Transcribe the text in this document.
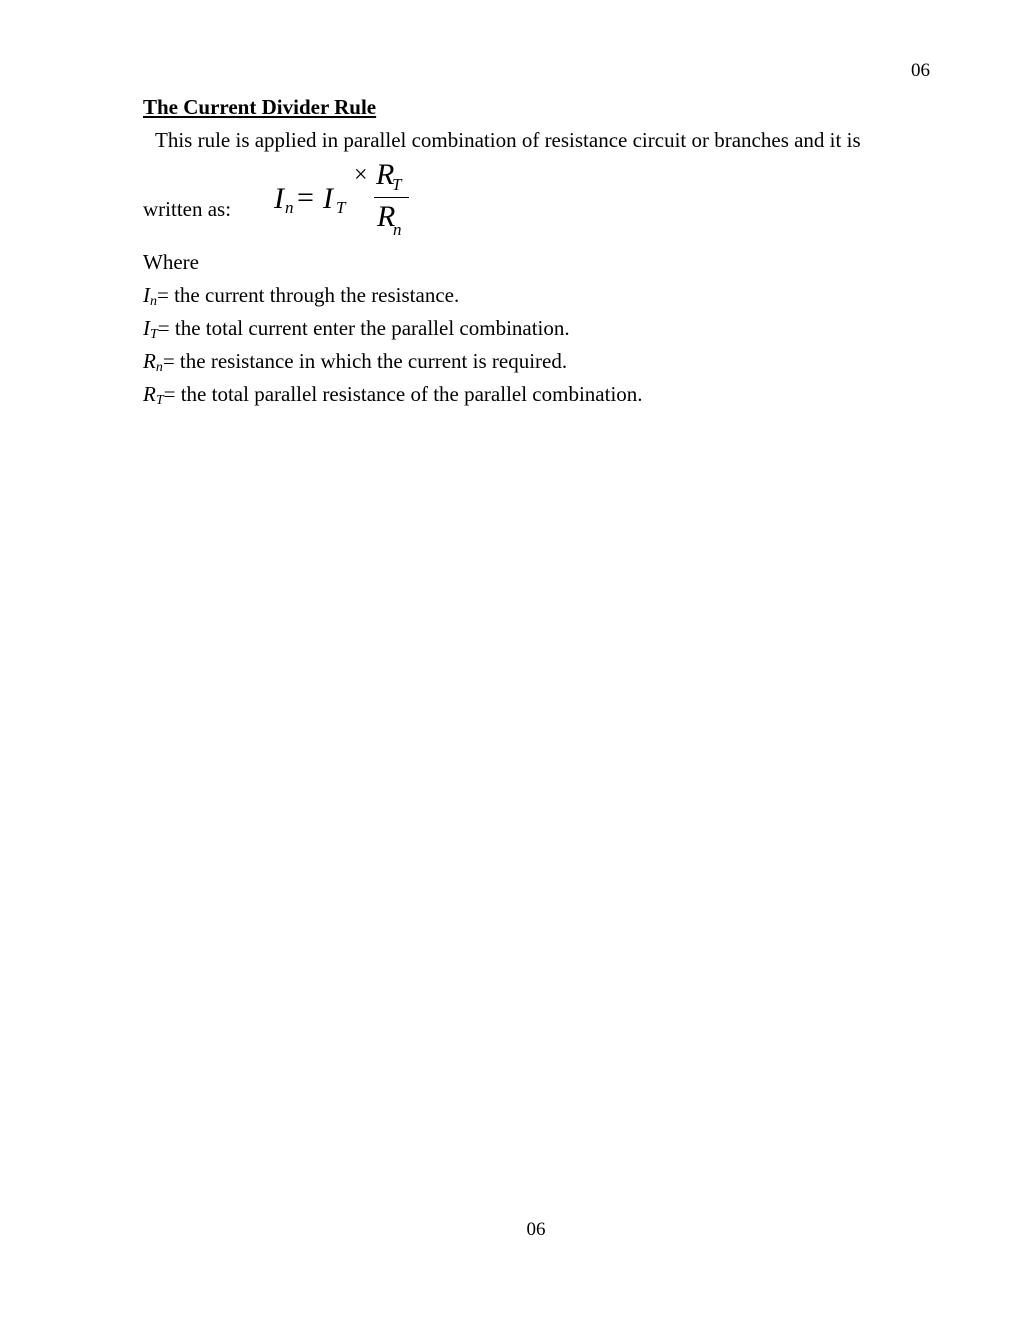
06
The Current Divider Rule
This rule is applied in parallel combination of resistance circuit or branches and it is
written as: I n = I T
× R
T
R
n
Where
$I_n=$ the current through the resistance.
$I_T=$ the total current enter the parallel combination.
$R_n=$ the resistance in which the current is required.
$R_T=$ the total parallel resistance of the parallel combination.
06
